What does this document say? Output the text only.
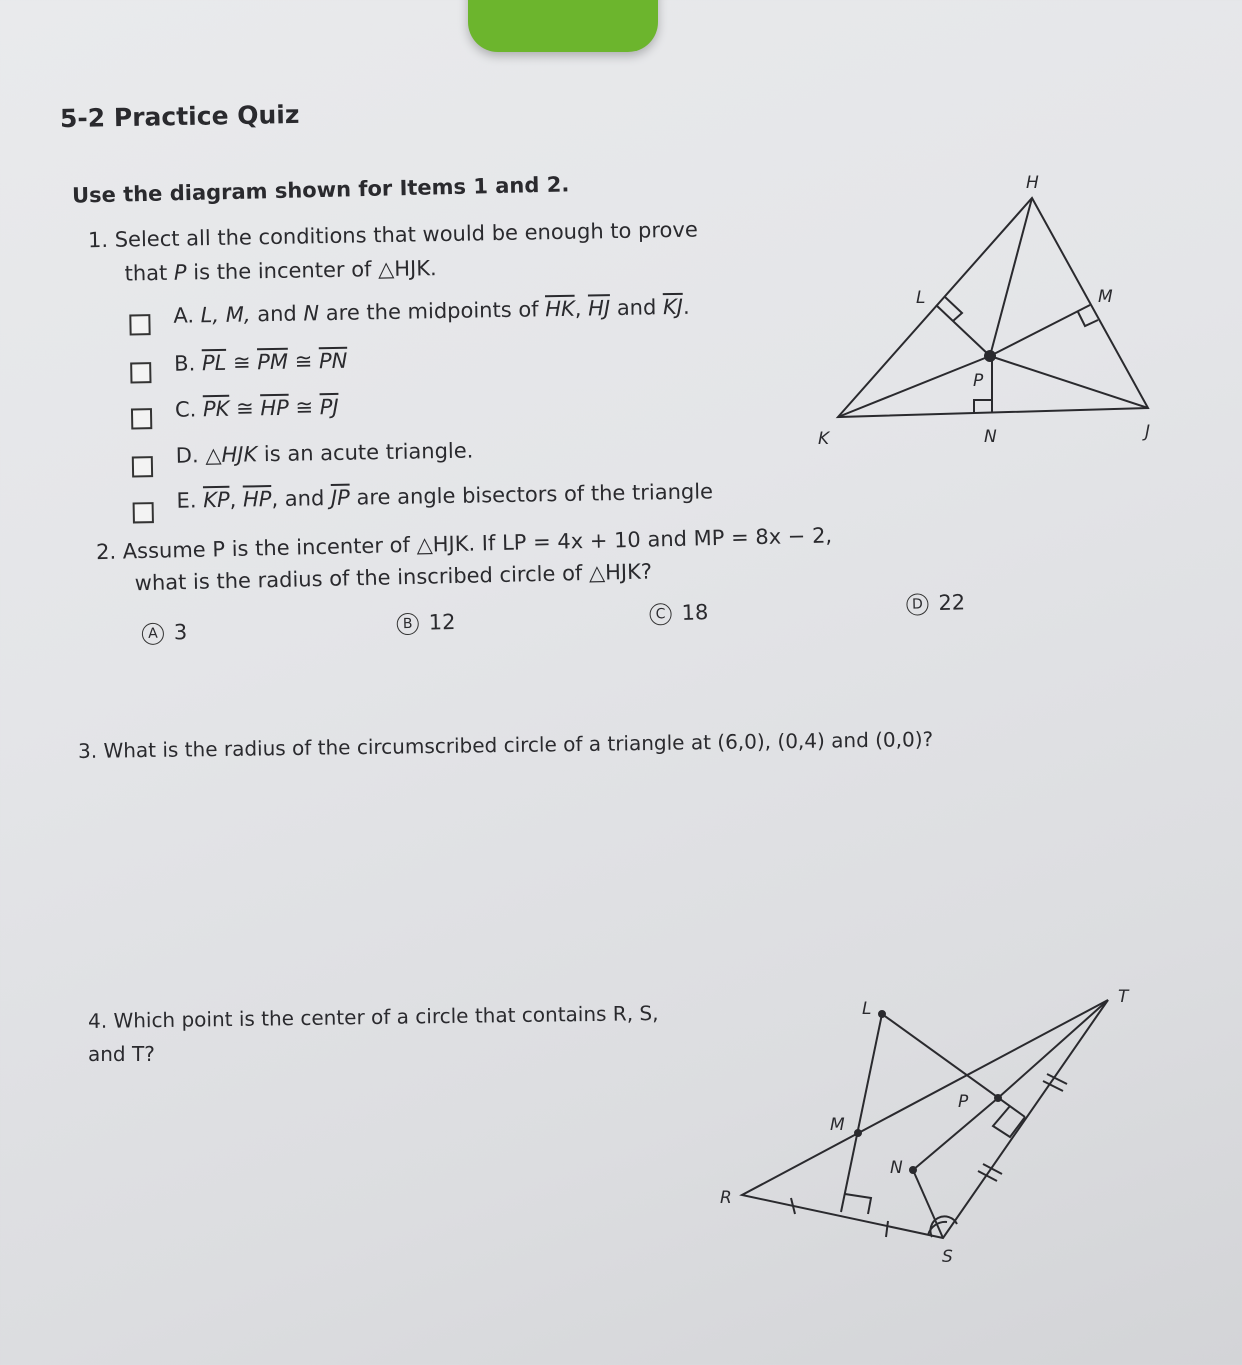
5-2 Practice Quiz
Use the diagram shown for Items 1 and 2.
1. Select all the conditions that would be enough to prove
that P is the incenter of △HJK.
A. L, M, and N are the midpoints of $\overline{HK}$, $\overline{HJ}$ and $\overline{KJ}$.
B. $\overline{PL}$ ≅ $\overline{PM}$ ≅ $\overline{PN}$
C. $\overline{PK}$ ≅ $\overline{HP}$ ≅ $\overline{PJ}$
D. △HJK is an acute triangle.
E. $\overline{KP}$, $\overline{HP}$, and $\overline{JP}$ are angle bisectors of the triangle
2. Assume P is the incenter of △HJK. If LP = 4x + 10 and MP = 8x − 2,
what is the radius of the inscribed circle of △HJK?
A 3	B 12	C 18	D 22
3. What is the radius of the circumscribed circle of a triangle at (6,0), (0,4) and (0,0)?
4. Which point is the center of a circle that contains R, S,
and T?
H
L	M
P
K	N	J
L
T
P
M
N
R
S
